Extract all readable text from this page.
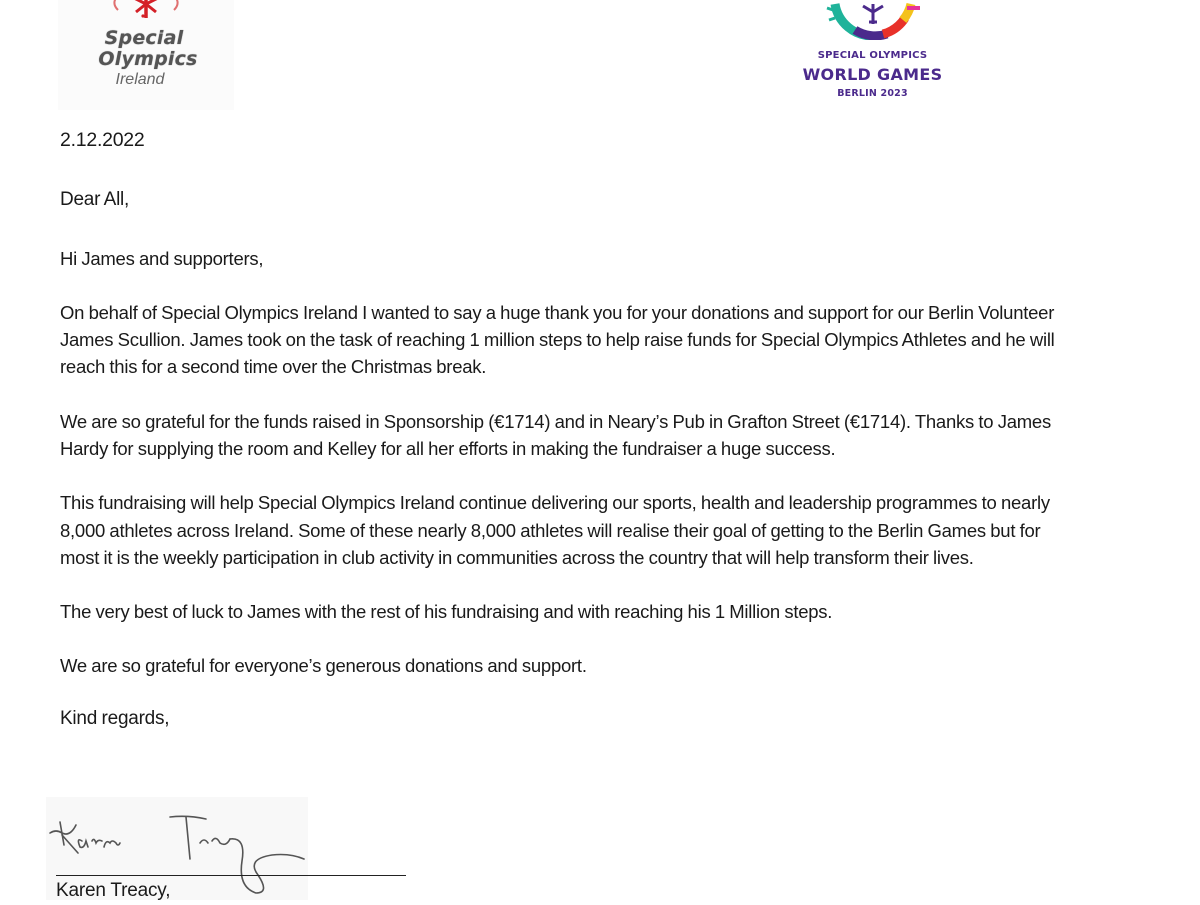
Special
Olympics
Ireland
SPECIAL OLYMPICS
WORLD GAMES
BERLIN 2023

2.12.2022

Dear All,

Hi James and supporters,

On behalf of Special Olympics Ireland I wanted to say a huge thank you for your donations and support for our Berlin Volunteer James Scullion. James took on the task of reaching 1 million steps to help raise funds for Special Olympics Athletes and he will reach this for a second time over the Christmas break.

We are so grateful for the funds raised in Sponsorship (€1714) and in Neary’s Pub in Grafton Street (€1714). Thanks to James Hardy for supplying the room and Kelley for all her efforts in making the fundraiser a huge success.

This fundraising will help Special Olympics Ireland continue delivering our sports, health and leadership programmes to nearly 8,000 athletes across Ireland. Some of these nearly 8,000 athletes will realise their goal of getting to the Berlin Games but for most it is the weekly participation in club activity in communities across the country that will help transform their lives.

The very best of luck to James with the rest of his fundraising and with reaching his 1 Million steps.

We are so grateful for everyone’s generous donations and support.

Kind regards,

Karen Treacy,
